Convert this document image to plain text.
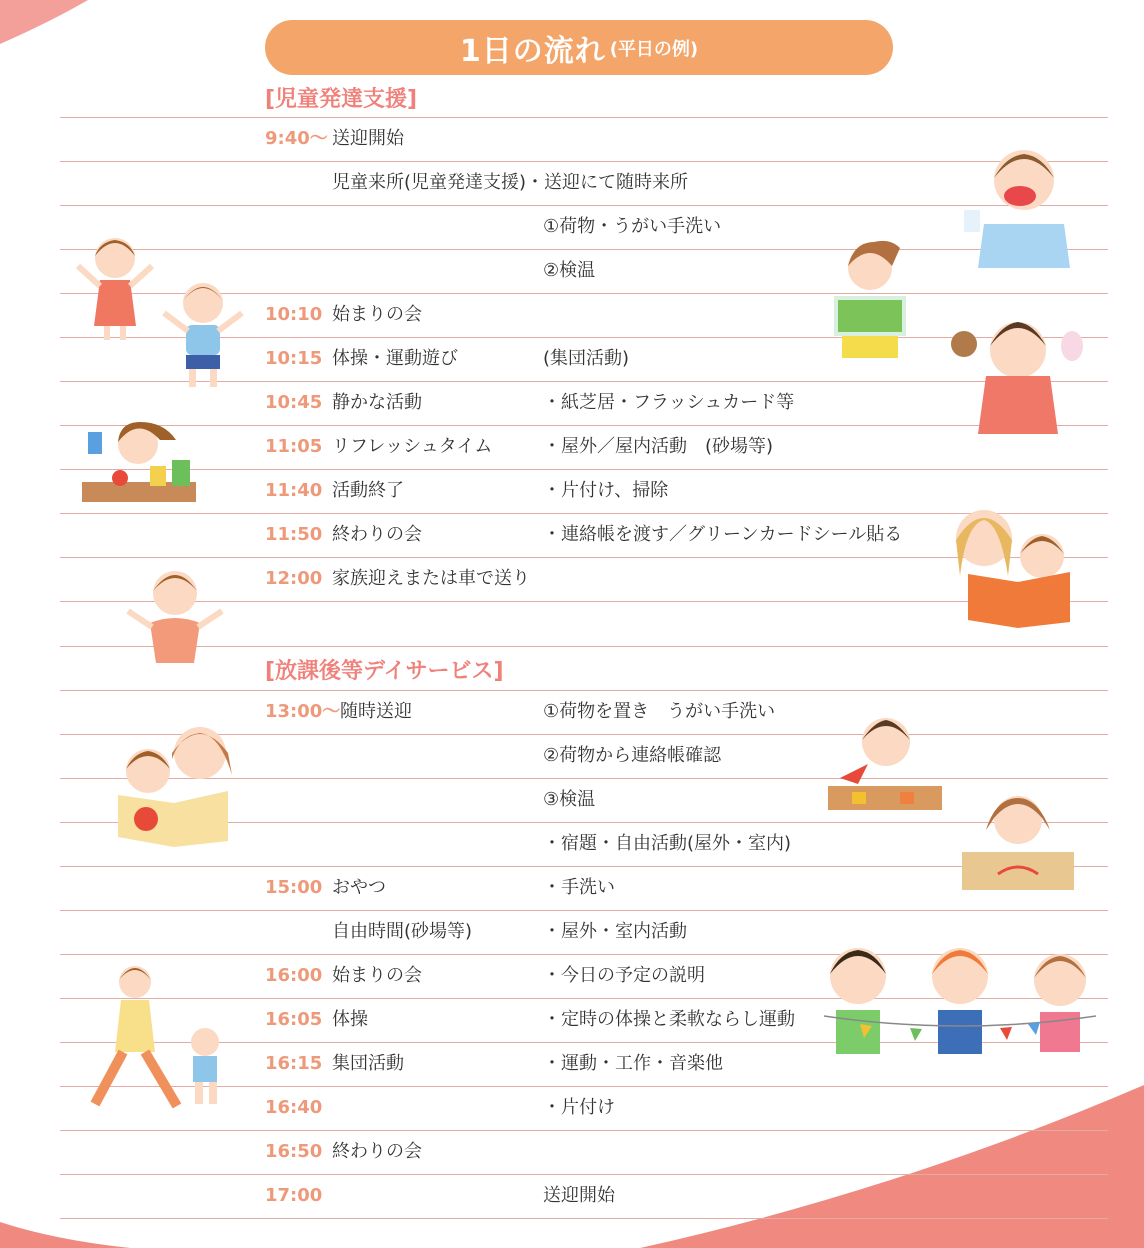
1日の流れ (平日の例)
[児童発達支援]
[放課後等デイサービス]
9:40〜 送迎開始
児童来所(児童発達支援)・送迎にて随時来所
①荷物・うがい手洗い
②検温
10:10 始まりの会
10:15 体操・運動遊び	(集団活動)
10:45 静かな活動	・紙芝居・フラッシュカード等
11:05 リフレッシュタイム	・屋外／屋内活動　(砂場等)
11:40 活動終了	・片付け、掃除
11:50 終わりの会	・連絡帳を渡す／グリーンカードシール貼る
12:00 家族迎えまたは車で送り
13:00〜 随時送迎	①荷物を置き　うがい手洗い
②荷物から連絡帳確認
③検温
・宿題・自由活動(屋外・室内)
15:00 おやつ	・手洗い
自由時間(砂場等)	・屋外・室内活動
16:00 始まりの会	・今日の予定の説明
16:05 体操	・定時の体操と柔軟ならし運動
16:15 集団活動	・運動・工作・音楽他
16:40	・片付け
16:50 終わりの会
17:00	送迎開始
